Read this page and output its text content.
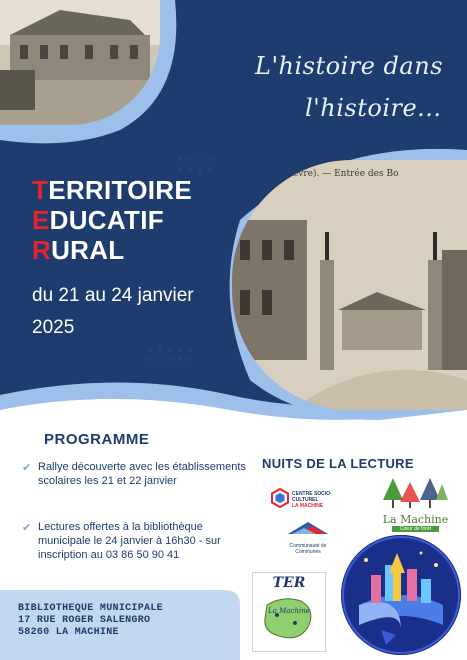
L'histoire dans
l'histoire...
TERRITOIRE
EDUCATIF
RURAL
du 21 au 24 janvier
2025
HINE (Nièvre). — Entrée des Bo
PROGRAMME
✔ Rallye découverte avec les établissements scolaires les 21 et 22 janvier
✔ Lectures offertes à la bibliothèque municipale le 24 janvier à 16h30 - sur inscription au 03 86 50 90 41
NUITS DE LA LECTURE
CENTRE SOCIO-CULTUREL
LA MACHINE
Communauté de Communes
La Machine
Cœur de forêt
TER
La Machine
BIBLIOTHEQUE MUNICIPALE
17 RUE ROGER SALENGRO
58260 LA MACHINE
